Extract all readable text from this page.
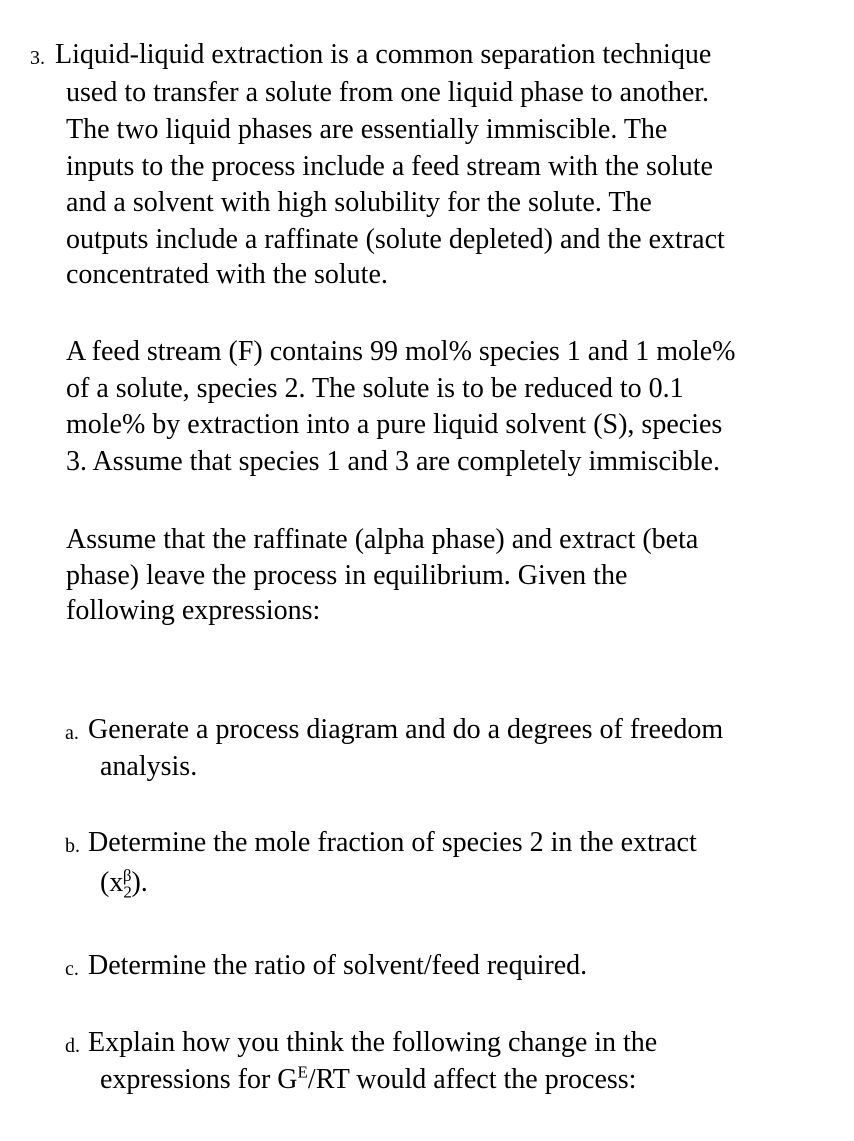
3. Liquid-liquid extraction is a common separation technique
used to transfer a solute from one liquid phase to another.
The two liquid phases are essentially immiscible. The
inputs to the process include a feed stream with the solute
and a solvent with high solubility for the solute. The
outputs include a raffinate (solute depleted) and the extract
concentrated with the solute.
A feed stream (F) contains 99 mol% species 1 and 1 mole%
of a solute, species 2. The solute is to be reduced to 0.1
mole% by extraction into a pure liquid solvent (S), species
3. Assume that species 1 and 3 are completely immiscible.
Assume that the raffinate (alpha phase) and extract (beta
phase) leave the process in equilibrium. Given the
following expressions:
a. Generate a process diagram and do a degrees of freedom
analysis.
b. Determine the mole fraction of species 2 in the extract
$(x_2^\beta)$.
c. Determine the ratio of solvent/feed required.
d. Explain how you think the following change in the
expressions for $G^E/RT$ would affect the process:
